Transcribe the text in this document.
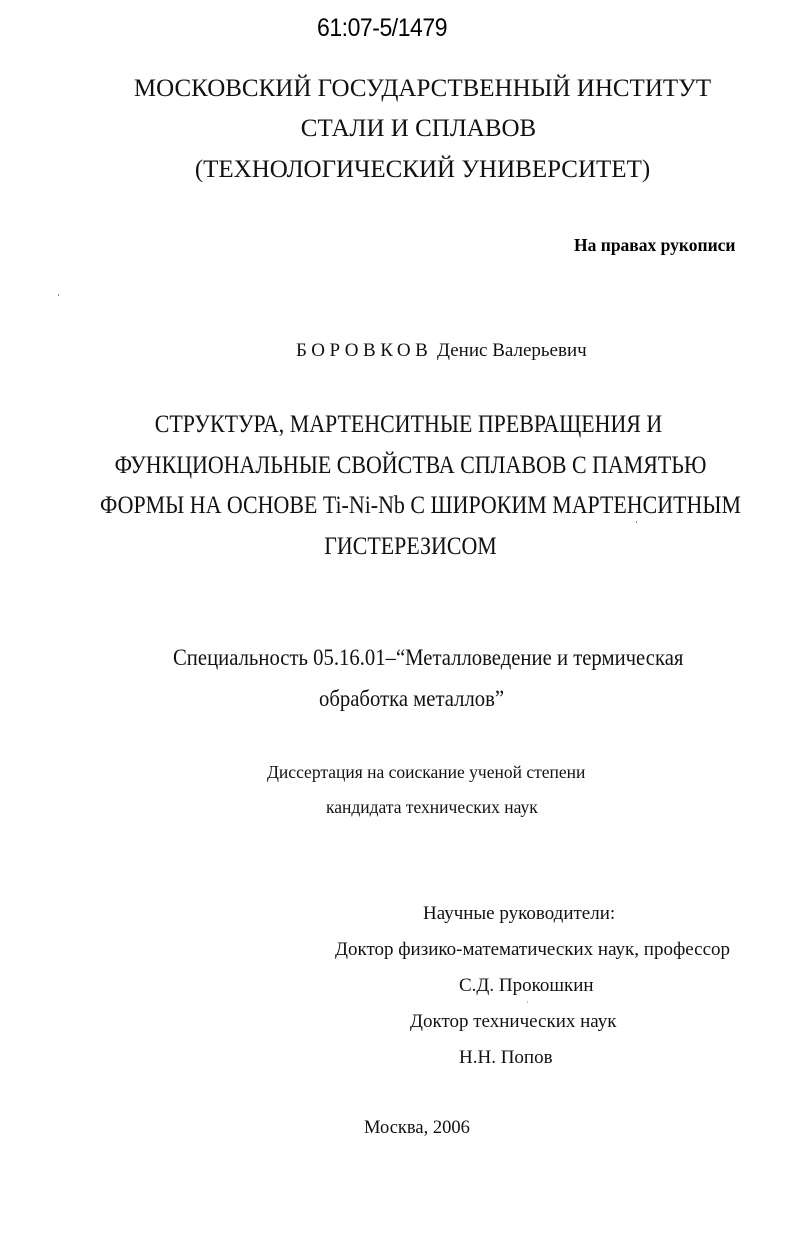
61:07-5/1479
МОСКОВСКИЙ ГОСУДАРСТВЕННЫЙ ИНСТИТУТ
СТАЛИ И СПЛАВОВ
(ТЕХНОЛОГИЧЕСКИЙ УНИВЕРСИТЕТ)
На правах рукописи
БОРОВКОВ Денис Валерьевич
СТРУКТУРА, МАРТЕНСИТНЫЕ ПРЕВРАЩЕНИЯ И
ФУНКЦИОНАЛЬНЫЕ СВОЙСТВА СПЛАВОВ С ПАМЯТЬЮ
ФОРМЫ НА ОСНОВЕ Ti-Ni-Nb С ШИРОКИМ МАРТЕНСИТНЫМ
ГИСТЕРЕЗИСОМ
Специальность 05.16.01–“Металловедение и термическая
обработка металлов”
Диссертация на соискание ученой степени
кандидата технических наук
Научные руководители:
Доктор физико-математических наук, профессор
С.Д. Прокошкин
Доктор технических наук
Н.Н. Попов
Москва, 2006
